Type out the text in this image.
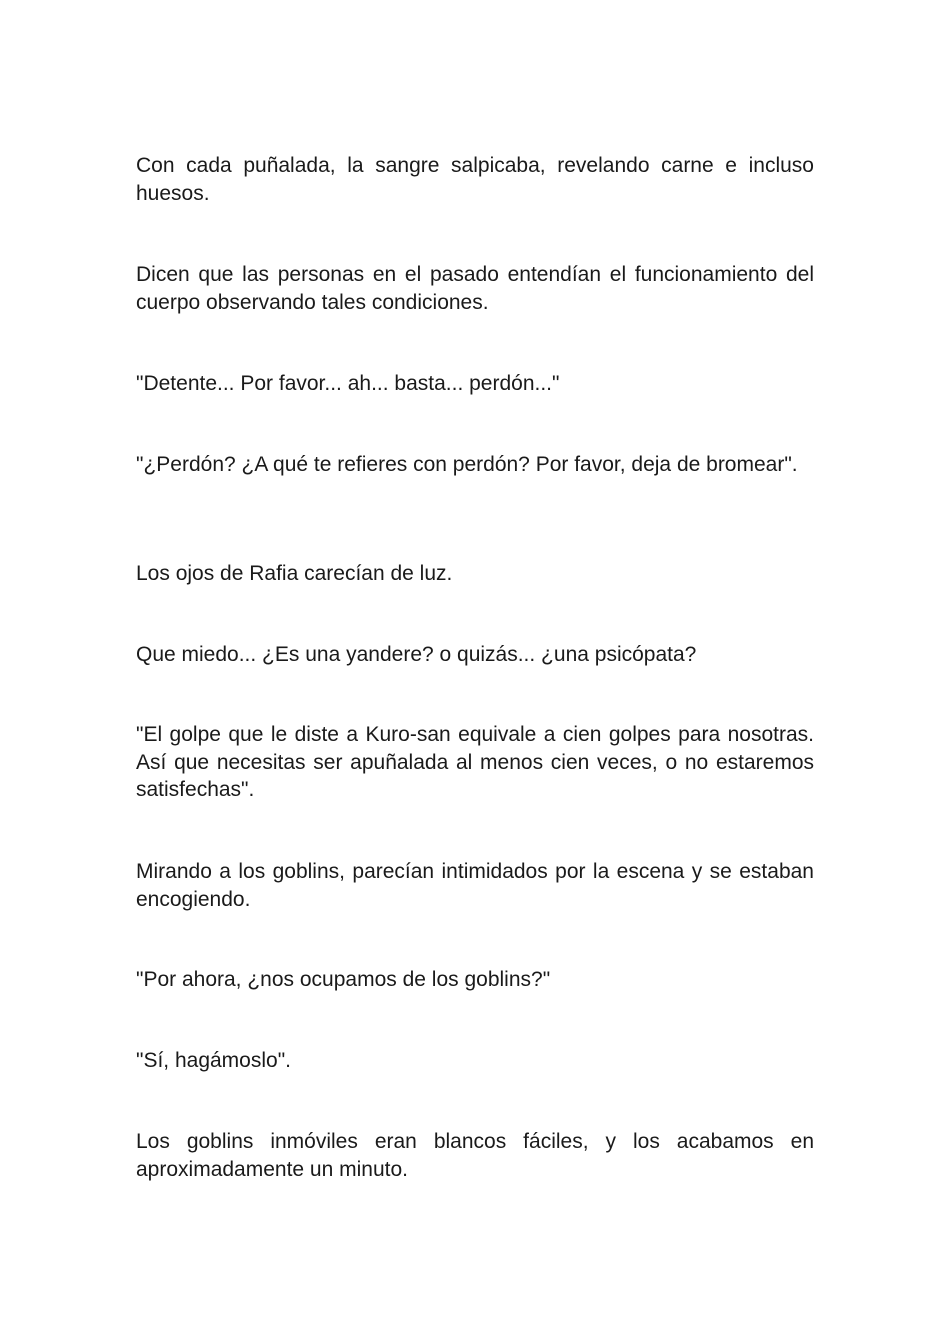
Con cada puñalada, la sangre salpicaba, revelando carne e incluso huesos.

Dicen que las personas en el pasado entendían el funcionamiento del cuerpo observando tales condiciones.

"Detente... Por favor... ah... basta... perdón..."

"¿Perdón? ¿A qué te refieres con perdón? Por favor, deja de bromear".

Los ojos de Rafia carecían de luz.

Que miedo... ¿Es una yandere? o quizás... ¿una psicópata?

"El golpe que le diste a Kuro-san equivale a cien golpes para nosotras. Así que necesitas ser apuñalada al menos cien veces, o no estaremos satisfechas".

Mirando a los goblins, parecían intimidados por la escena y se estaban encogiendo.

"Por ahora, ¿nos ocupamos de los goblins?"

"Sí, hagámoslo".

Los goblins inmóviles eran blancos fáciles, y los acabamos en aproximadamente un minuto.
